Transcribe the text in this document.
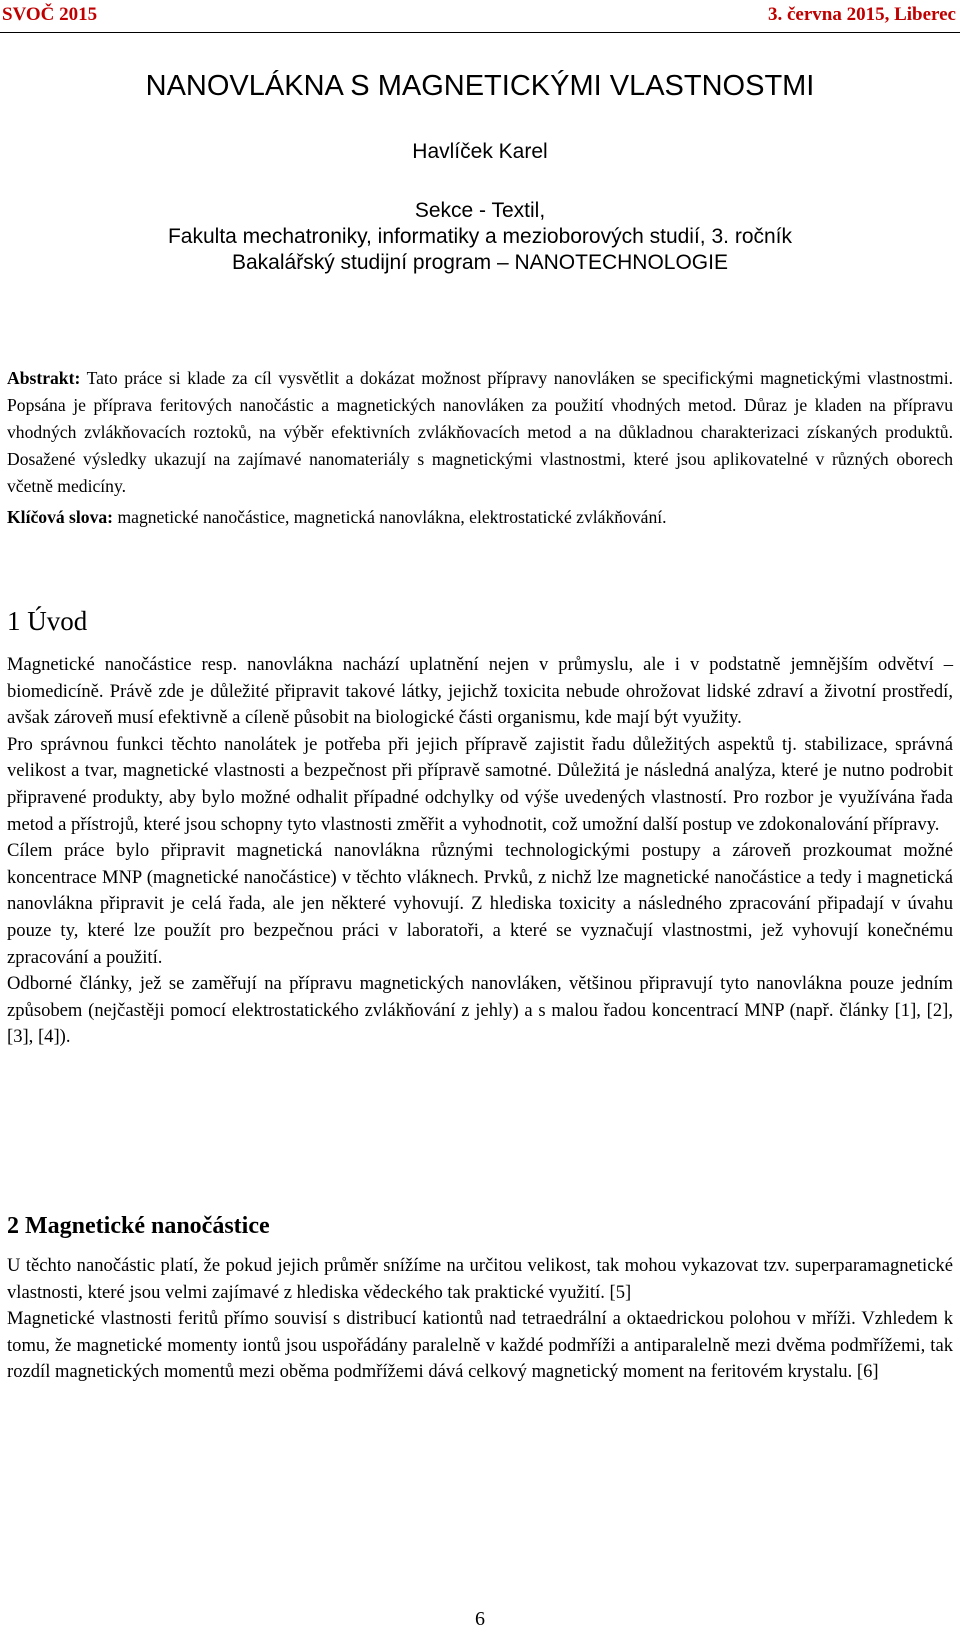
SVOČ 2015	3. června 2015, Liberec
NANOVLÁKNA S MAGNETICKÝMI VLASTNOSTMI
Havlíček Karel
Sekce - Textil,
Fakulta mechatroniky, informatiky a mezioborových studií, 3. ročník
Bakalářský studijní program – NANOTECHNOLOGIE
Abstrakt: Tato práce si klade za cíl vysvětlit a dokázat možnost přípravy nanovláken se specifickými magnetickými vlastnostmi. Popsána je příprava feritových nanočástic a magnetických nanovláken za použití vhodných metod. Důraz je kladen na přípravu vhodných zvlákňovacích roztoků, na výběr efektivních zvlákňovacích metod a na důkladnou charakterizaci získaných produktů. Dosažené výsledky ukazují na zajímavé nanomateriály s magnetickými vlastnostmi, které jsou aplikovatelné v různých oborech včetně medicíny.
Klíčová slova: magnetické nanočástice, magnetická nanovlákna, elektrostatické zvlákňování.
1 Úvod

Magnetické nanočástice resp. nanovlákna nachází uplatnění nejen v průmyslu, ale i v podstatně jemnějším odvětví – biomedicíně. Právě zde je důležité připravit takové látky, jejichž toxicita nebude ohrožovat lidské zdraví a životní prostředí, avšak zároveň musí efektivně a cíleně působit na biologické části organismu, kde mají být využity.

Pro správnou funkci těchto nanolátek je potřeba při jejich přípravě zajistit řadu důležitých aspektů tj. stabilizace, správná velikost a tvar, magnetické vlastnosti a bezpečnost při přípravě samotné. Důležitá je následná analýza, které je nutno podrobit připravené produkty, aby bylo možné odhalit případné odchylky od výše uvedených vlastností. Pro rozbor je využívána řada metod a přístrojů, které jsou schopny tyto vlastnosti změřit a vyhodnotit, což umožní další postup ve zdokonalování přípravy.

Cílem práce bylo připravit magnetická nanovlákna různými technologickými postupy a zároveň prozkoumat možné koncentrace MNP (magnetické nanočástice) v těchto vláknech. Prvků, z nichž lze magnetické nanočástice a tedy i magnetická nanovlákna připravit je celá řada, ale jen některé vyhovují. Z hlediska toxicity a následného zpracování připadají v úvahu pouze ty, které lze použít pro bezpečnou práci v laboratoři, a které se vyznačují vlastnostmi, jež vyhovují konečnému zpracování a použití.

Odborné články, jež se zaměřují na přípravu magnetických nanovláken, většinou připravují tyto nanovlákna pouze jedním způsobem (nejčastěji pomocí elektrostatického zvlákňování z jehly) a s malou řadou koncentrací MNP (např. články [1], [2], [3], [4]).

2 Magnetické nanočástice

U těchto nanočástic platí, že pokud jejich průměr snížíme na určitou velikost, tak mohou vykazovat tzv. superparamagnetické vlastnosti, které jsou velmi zajímavé z hlediska vědeckého tak praktické využití. [5]

Magnetické vlastnosti feritů přímo souvisí s distribucí kationtů nad tetraedrální a oktaedrickou polohou v mříži. Vzhledem k tomu, že magnetické momenty iontů jsou uspořádány paralelně v každé podmříži a antiparalelně mezi dvěma podmřížemi, tak rozdíl magnetických momentů mezi oběma podmřížemi dává celkový magnetický moment na feritovém krystalu. [6]

6
